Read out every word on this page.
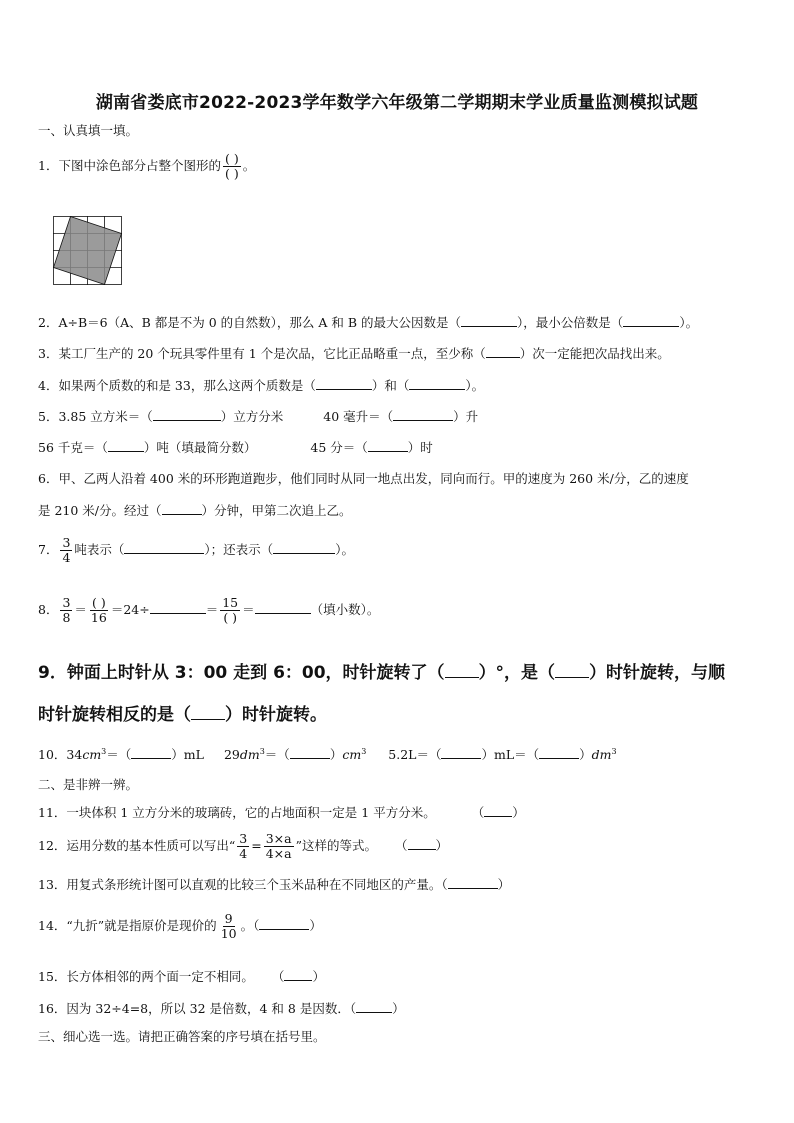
湖南省娄底市2022-2023学年数学六年级第二学期期末学业质量监测模拟试题
一、认真填一填。
1．下图中涂色部分占整个图形的 $\frac{( )}{( )}$ 。
2．A÷B＝6（A、B 都是不为 0 的自然数），那么 A 和 B 的最大公因数是（	），最小公倍数是（	）。
3．某工厂生产的 20 个玩具零件里有 1 个是次品，它比正品略重一点，至少称（	）次一定能把次品找出来。
4．如果两个质数的和是 33，那么这两个质数是（	）和（	）。
5．3.85 立方米＝（	）立方分米	40 毫升＝（	）升
56 千克＝（	）吨（填最简分数）	45 分＝（	）时
6．甲、乙两人沿着 400 米的环形跑道跑步，他们同时从同一地点出发，同向而行。甲的速度为 260 米/分，乙的速度
是 210 米/分。经过（	）分钟，甲第二次追上乙。
7． $\frac{3}{4}$ 吨表示（	）；还表示（	）。
8． $\frac{3}{8} = \frac{( )}{16} =24\div$	＝ $\frac{15}{( )}$ ＝	（填小数）。
9．钟面上时针从 3：00 走到 6：00，时针旋转了（ ）°，是（ ）时针旋转，与顺
时针旋转相反的是（ ）时针旋转。
10．$34cm^3=$（	）mL $29dm^3=$（	）$cm^3$ 5.2L＝（	）mL＝（	）$dm^3$
二、是非辨一辨。
11．一块体积 1 立方分米的玻璃砖，它的占地面积一定是 1 平方分米。	（ ）
12．运用分数的基本性质可以写出“ $\frac{3}{4} = \frac{3\times a}{4\times a}$ ”这样的等式。 （ ）
13．用复式条形统计图可以直观的比较三个玉米品种在不同地区的产量。（	）
14．“九折”就是指原价是现价的 $\frac{9}{10}$ 。（	）
15．长方体相邻的两个面一定不相同。 （ ）
16．因为 32÷4=8，所以 32 是倍数，4 和 8 是因数．（	）
三、细心选一选。请把正确答案的序号填在括号里。
